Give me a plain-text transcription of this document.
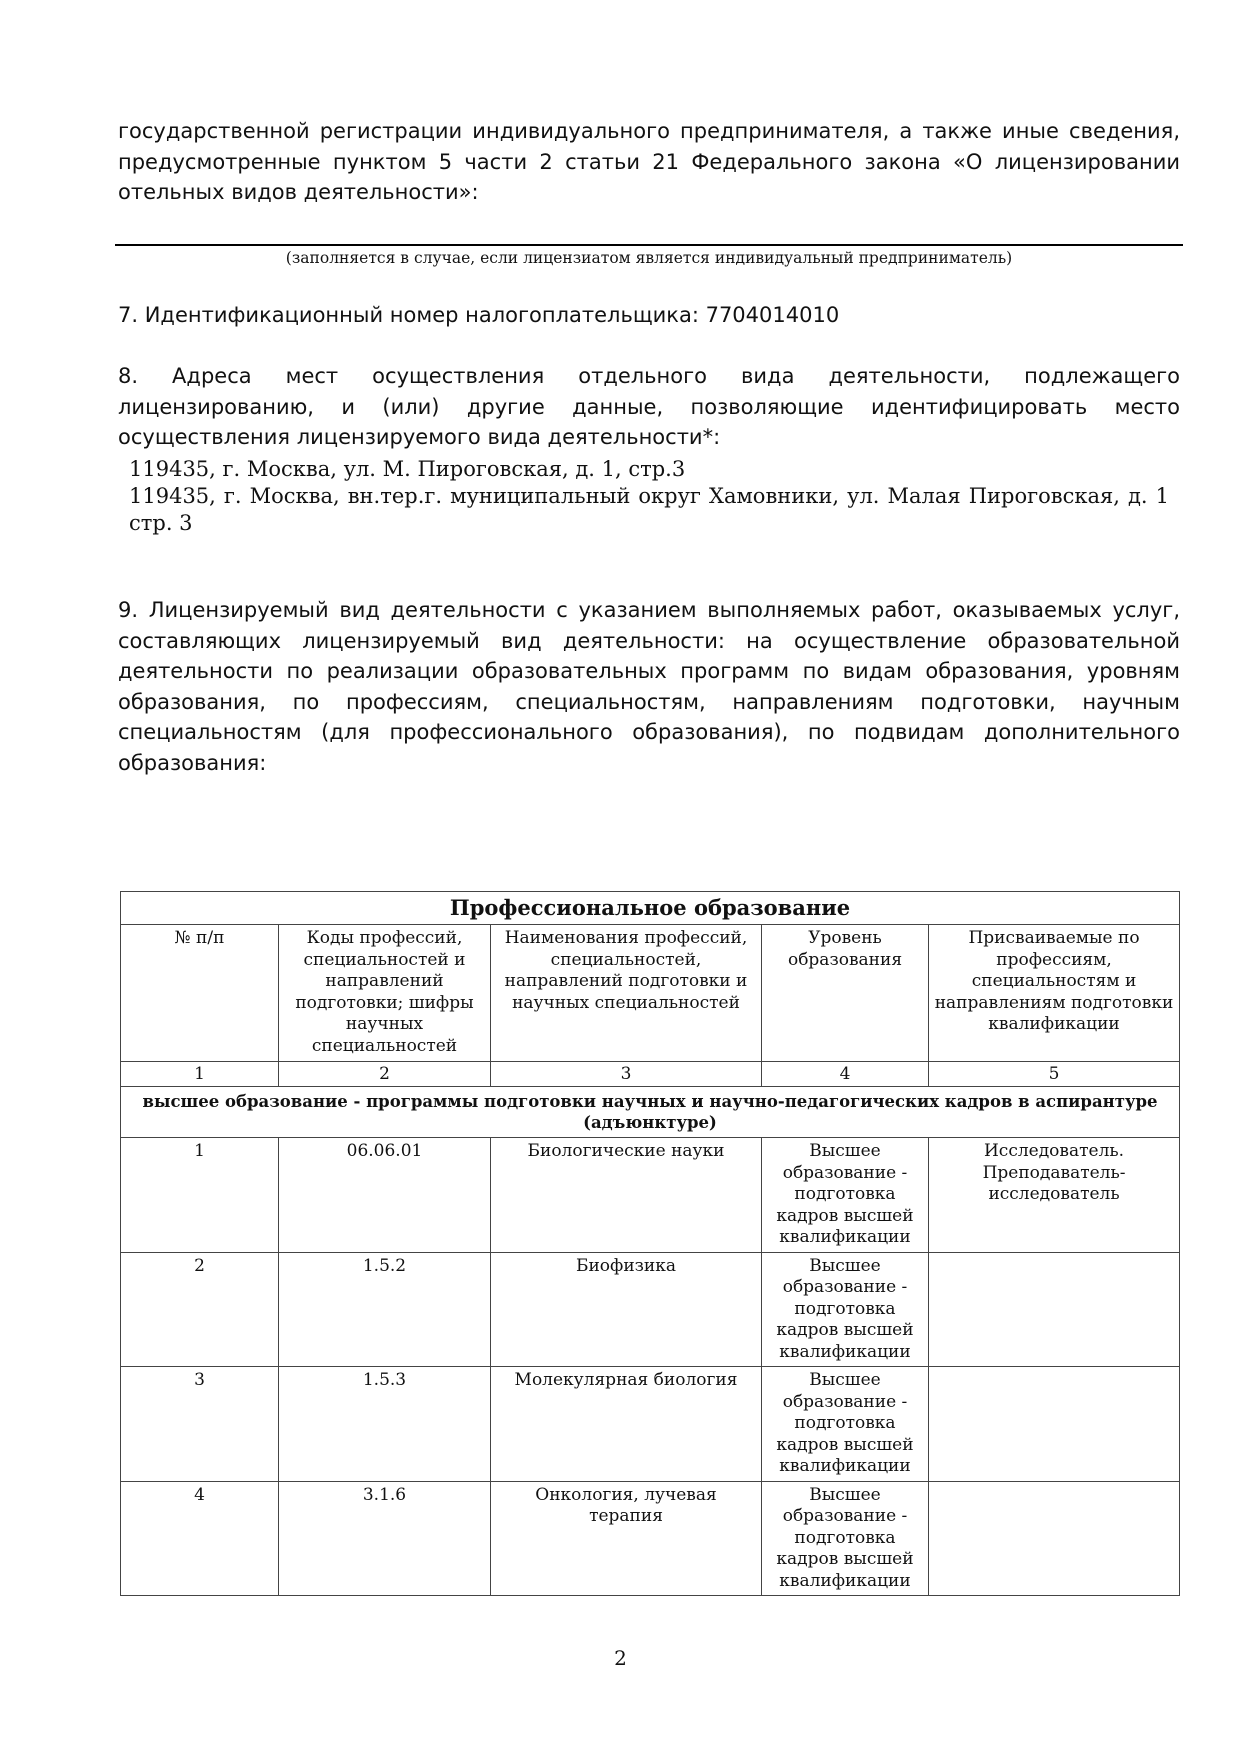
государственной регистрации индивидуального предпринимателя, а также иные сведения, предусмотренные пунктом 5 части 2 статьи 21 Федерального закона «О лицензировании отельных видов деятельности»:

(заполняется в случае, если лицензиатом является индивидуальный предприниматель)

7. Идентификационный номер налогоплательщика: 7704014010

8. Адреса мест осуществления отдельного вида деятельности, подлежащего лицензированию, и (или) другие данные, позволяющие идентифицировать место осуществления лицензируемого вида деятельности*:

119435, г. Москва, ул. М. Пироговская, д. 1, стр.3

119435, г. Москва, вн.тер.г. муниципальный округ Хамовники, ул. Малая Пироговская, д. 1 стр. 3

9. Лицензируемый вид деятельности с указанием выполняемых работ, оказываемых услуг, составляющих лицензируемый вид деятельности: на осуществление образовательной деятельности по реализации образовательных программ по видам образования, уровням образования, по профессиям, специальностям, направлениям подготовки, научным специальностям (для профессионального образования), по подвидам дополнительного образования:

Профессиональное образование				
№ п/п	Коды профессий, специальностей и направлений подготовки; шифры научных специальностей	Наименования профессий, специальностей, направлений подготовки и научных специальностей	Уровень образования	Присваиваемые по профессиям, специальностям и направлениям подготовки квалификации
1	2	3	4	5
высшее образование - программы подготовки научных и научно-педагогических кадров в аспирантуре (адъюнктуре)				
1	06.06.01	Биологические науки	Высшее образование - подготовка кадров высшей квалификации	Исследователь. Преподаватель-исследователь
2	1.5.2	Биофизика	Высшее образование - подготовка кадров высшей квалификации	
3	1.5.3	Молекулярная биология	Высшее образование - подготовка кадров высшей квалификации	
4	3.1.6	Онкология, лучевая терапия	Высшее образование - подготовка кадров высшей квалификации	
2
